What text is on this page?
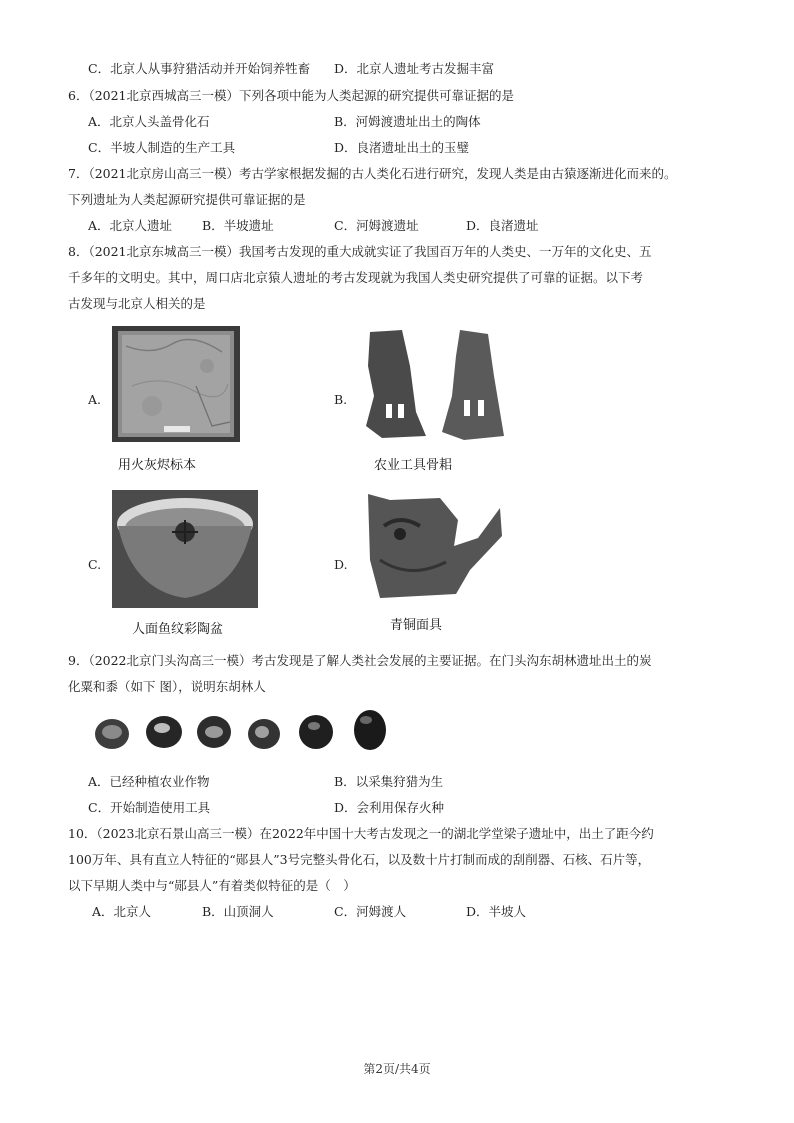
C．北京人从事狩猎活动并开始饲养牲畜 D．北京人遗址考古发掘丰富
6．（2021北京西城高三一模）下列各项中能为人类起源的研究提供可靠证据的是
A．北京人头盖骨化石	B．河姆渡遗址出土的陶体
C．半坡人制造的生产工具	D．良渚遗址出土的玉璧
7．（2021北京房山高三一模）考古学家根据发掘的古人类化石进行研究，发现人类是由古猿逐渐进化而来的。
下列遗址为人类起源研究提供可靠证据的是
A．北京人遗址 B．半坡遗址	C．河姆渡遗址	D．良渚遗址
8．（2021北京东城高三一模）我国考古发现的重大成就实证了我国百万年的人类史、一万年的文化史、五
千多年的文明史。其中，周口店北京猿人遗址的考古发现就为我国人类史研究提供了可靠的证据。以下考
古发现与北京人相关的是
A.
用火灰烬标本
B.
农业工具骨耜
C.
人面鱼纹彩陶盆
D.
青铜面具
9．（2022北京门头沟高三一模）考古发现是了解人类社会发展的主要证据。在门头沟东胡林遗址出土的炭
化粟和黍（如下 图），说明东胡林人
A．已经种植农业作物	B．以采集狩猎为生
C．开始制造使用工具	D．会利用保存火种
10．（2023北京石景山高三一模）在2022年中国十大考古发现之一的湖北学堂梁子遗址中，出土了距今约
100万年、具有直立人特征的“郧县人”3号完整头骨化石，以及数十片打制而成的刮削器、石核、石片等，
以下早期人类中与“郧县人”有着类似特征的是（　）
A．北京人	B．山顶洞人	C．河姆渡人	D．半坡人
第2页/共4页
